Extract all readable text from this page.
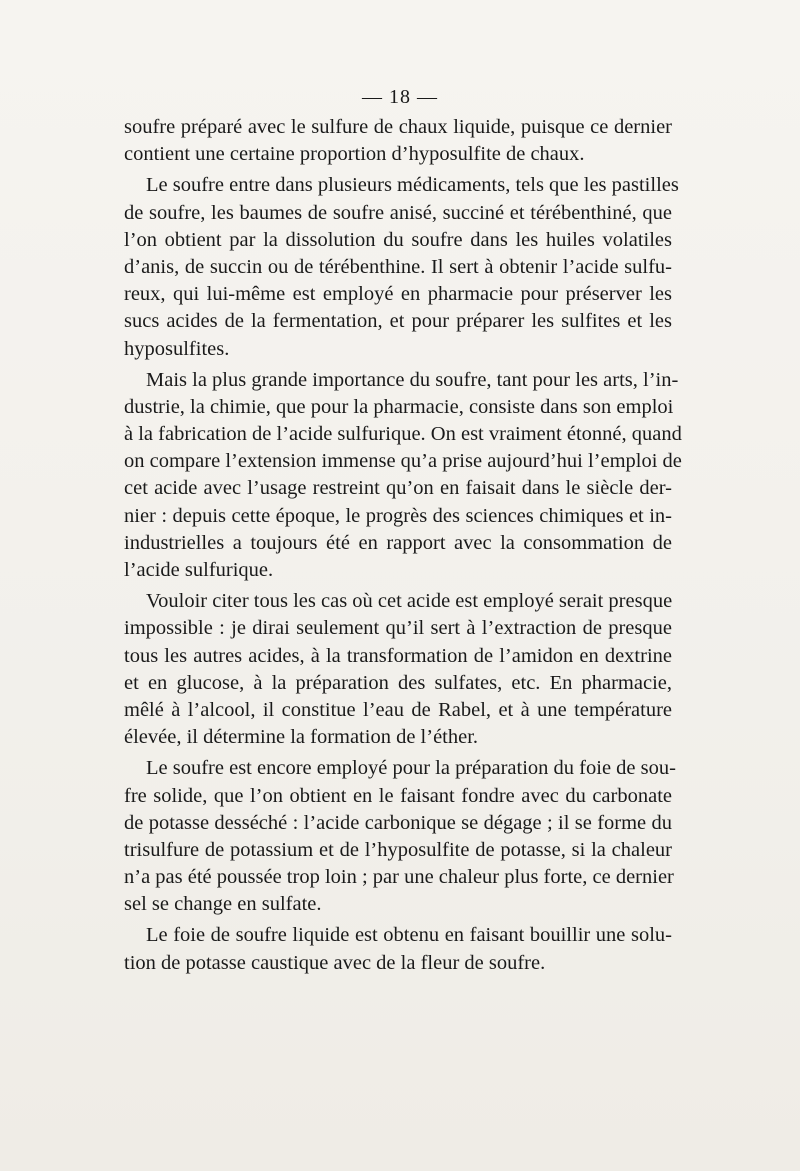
— 18 —
soufre préparé avec le sulfure de chaux liquide, puisque ce dernier
contient une certaine proportion d’hyposulfite de chaux.
Le soufre entre dans plusieurs médicaments, tels que les pastilles
de soufre, les baumes de soufre anisé, succiné et térébenthiné, que
l’on obtient par la dissolution du soufre dans les huiles volatiles
d’anis, de succin ou de térébenthine. Il sert à obtenir l’acide sulfu-
reux, qui lui-même est employé en pharmacie pour préserver les
sucs acides de la fermentation, et pour préparer les sulfites et les
hyposulfites.
Mais la plus grande importance du soufre, tant pour les arts, l’in-
dustrie, la chimie, que pour la pharmacie, consiste dans son emploi
à la fabrication de l’acide sulfurique. On est vraiment étonné, quand
on compare l’extension immense qu’a prise aujourd’hui l’emploi de
cet acide avec l’usage restreint qu’on en faisait dans le siècle der-
nier : depuis cette époque, le progrès des sciences chimiques et in-
industrielles a toujours été en rapport avec la consommation de
l’acide sulfurique.
Vouloir citer tous les cas où cet acide est employé serait presque
impossible : je dirai seulement qu’il sert à l’extraction de presque
tous les autres acides, à la transformation de l’amidon en dextrine
et en glucose, à la préparation des sulfates, etc. En pharmacie,
mêlé à l’alcool, il constitue l’eau de Rabel, et à une température
élevée, il détermine la formation de l’éther.
Le soufre est encore employé pour la préparation du foie de sou-
fre solide, que l’on obtient en le faisant fondre avec du carbonate
de potasse desséché : l’acide carbonique se dégage ; il se forme du
trisulfure de potassium et de l’hyposulfite de potasse, si la chaleur
n’a pas été poussée trop loin ; par une chaleur plus forte, ce dernier
sel se change en sulfate.
Le foie de soufre liquide est obtenu en faisant bouillir une solu-
tion de potasse caustique avec de la fleur de soufre.
